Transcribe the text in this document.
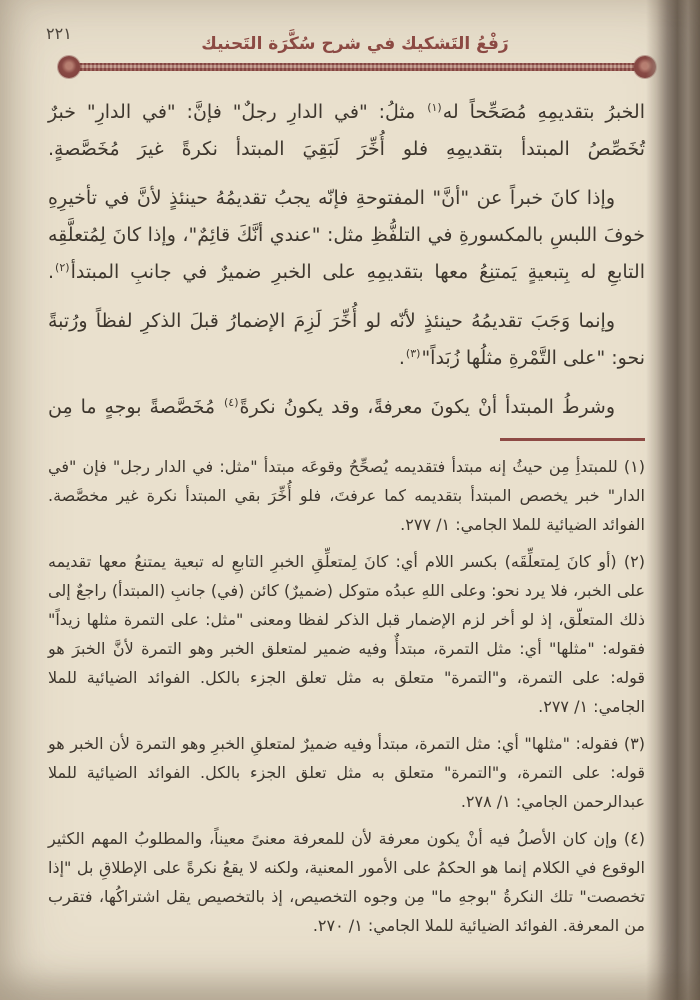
٢٢١
رَفْعُ التَشكيك في شرح سُكَّرَة التَحنيك

الخبرُ بتقديمِهِ مُصَحِّحاً له$^{(١)}$ مثلُ: "في الدارِ رجلٌ" فإنَّ: "في الدارِ" خبرٌ تُخَصِّصُ المبتدأ بتقديمِهِ فلو أُخِّرَ لَبَقِيَ المبتدأ نكرةً غيرَ مُخَصَّصةٍ.

وإذا كانَ خبراً عن "أنَّ" المفتوحةِ فإنّه يجبُ تقديمُهُ حينئذٍ لأنَّ في تأخيرِهِ خوفَ اللبسِ بالمكسورةِ في التلفُّظِ مثل: "عندي أنَّكَ قائِمٌ"، وإذا كانَ لِمُتعلَّقِه التابعِ له بِتبعيةٍ يَمتنِعُ معها بتقديمِهِ على الخبرِ ضميرٌ في جانبِ المبتدأ$^{(٢)}$.

وإنما وَجَبَ تقديمُهُ حينئذٍ لأنّه لو أُخِّرَ لَزِمَ الإضمارُ قبلَ الذكرِ لفظاً ورُتبةً نحو: "على التَّمْرةِ مثلُها زُبَداً"$^{(٣)}$.

وشرطُ المبتدأ أنْ يكونَ معرفةً، وقد يكونُ نكرةً$^{(٤)}$ مُخَصَّصةً بوجهٍ ما مِن

(١) للمبتدأِ مِن حيثُ إنه مبتدأ فتقديمه يُصحِّحُ وقوعَه مبتدأ "مثل: في الدار رجل" فإن "في الدار" خبر يخصص المبتدأ بتقديمه كما عرفتَ، فلو أُخِّرَ بقي المبتدأ نكرة غير مخصَّصة. الفوائد الضيائية للملا الجامي: ١/ ٢٧٧.

(٢) (أو كانَ لِمتعلِّقَه) بكسر اللام أي: كانَ لِمتعلِّقِ الخبرِ التابعِ له تبعية يمتنعُ معها تقديمه على الخبر، فلا يرد نحو: وعلى اللهِ عبدُه متوكل (ضميرٌ) كائن (في) جانبِ (المبتدأ) راجعٌ إلى ذلك المتعلّق، إذ لو أخر لزم الإضمار قبل الذكر لفظا ومعنى "مثل: على التمرة مثلها زيداً" فقوله: "مثلها" أي: مثل التمرة، مبتدأٌ وفيه ضمير لمتعلق الخبر وهو التمرة لأنَّ الخبرَ هو قوله: على التمرة، و"التمرة" متعلق به مثل تعلق الجزء بالكل. الفوائد الضيائية للملا الجامي: ١/ ٢٧٧.

(٣) فقوله: "مثلها" أي: مثل التمرة، مبتدأ وفيه ضميرٌ لمتعلقِ الخبرِ وهو التمرة لأن الخبر هو قوله: على التمرة، و"التمرة" متعلق به مثل تعلق الجزء بالكل. الفوائد الضيائية للملا عبدالرحمن الجامي: ١/ ٢٧٨.

(٤) وإن كان الأصلُ فيه أنْ يكون معرفة لأن للمعرفة معنىً معيناً، والمطلوبُ المهم الكثير الوقوع في الكلام إنما هو الحكمُ على الأمور المعنية، ولكنه لا يقعُ نكرةً على الإطلاقِ بل "إذا تخصصت" تلك النكرةُ "بوجهِ ما" مِن وجوه التخصيص، إذ بالتخصيص يقل اشتراكُها، فتقرب من المعرفة. الفوائد الضيائية للملا الجامي: ١/ ٢٧٠.
